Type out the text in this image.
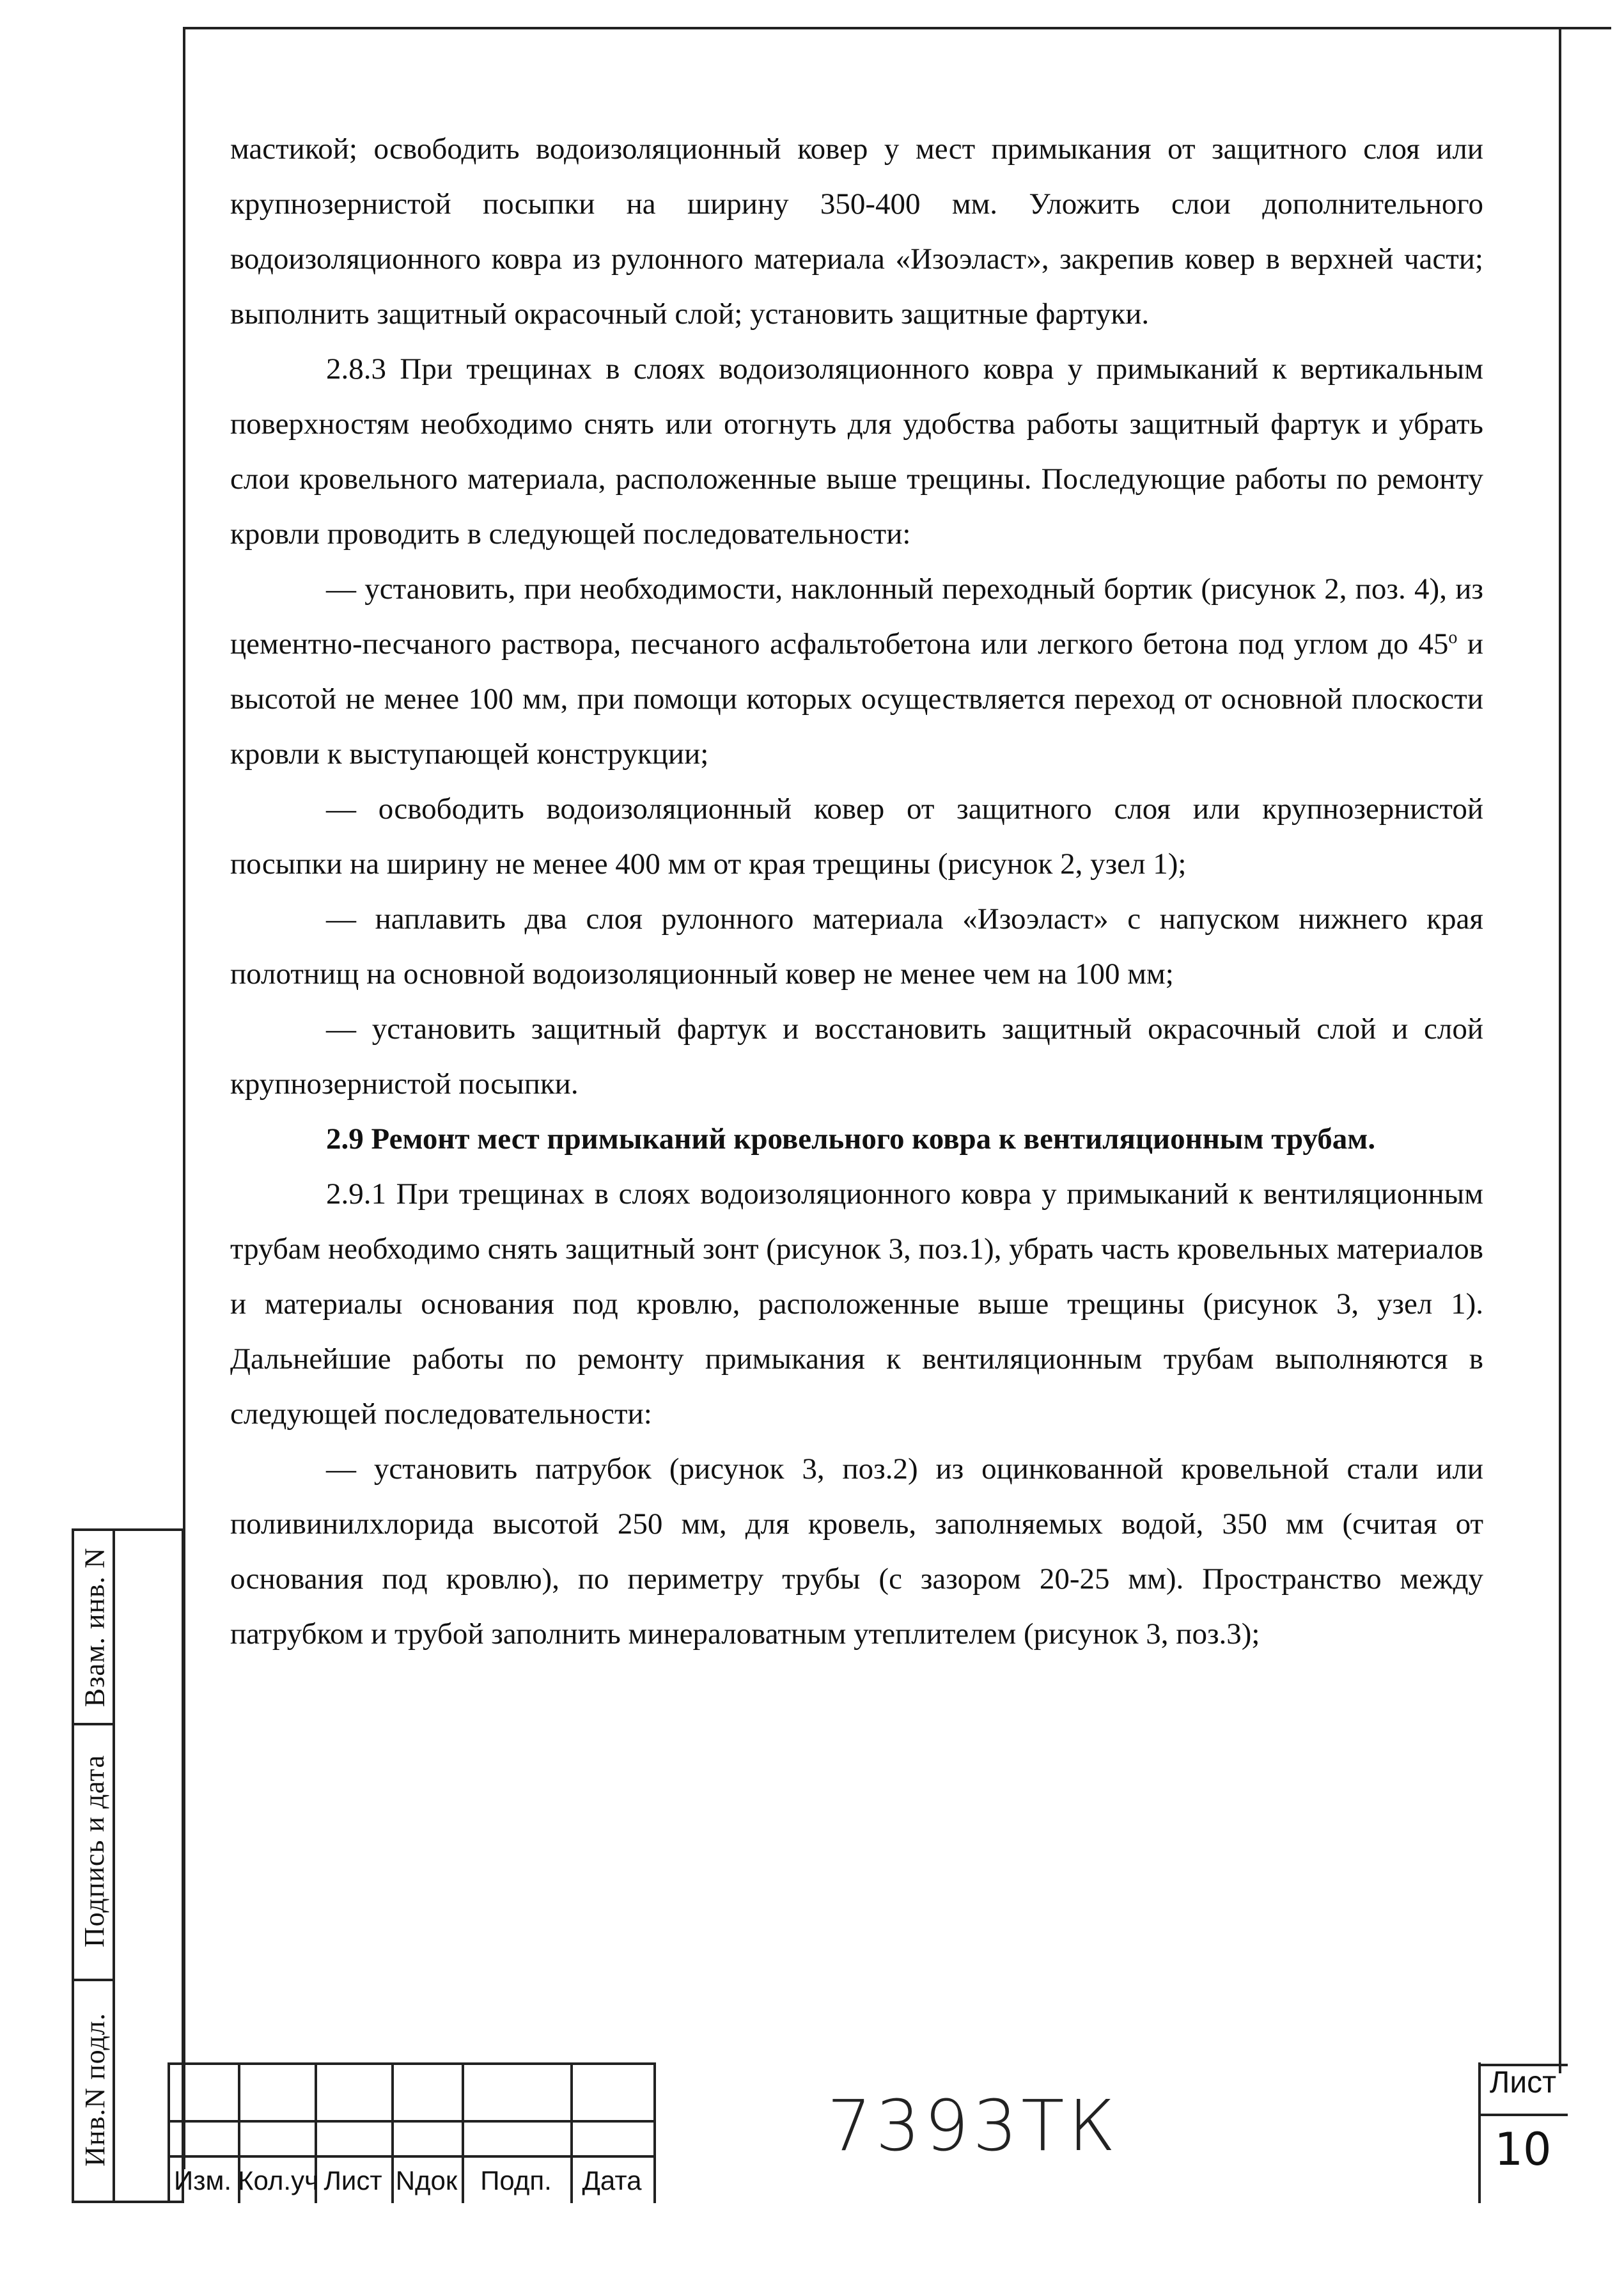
мастикой; освободить водоизоляционный ковер у мест примыкания от защитного слоя или крупнозернистой посыпки на ширину 350-400 мм. Уложить слои дополнительного водоизоляционного ковра из рулонного материала «Изоэласт», закрепив ковер в верхней части; выполнить защитный окрасочный слой; установить защитные фартуки.

2.8.3 При трещинах в слоях водоизоляционного ковра у примыканий к вертикальным поверхностям необходимо снять или отогнуть для удобства работы защитный фартук и убрать слои кровельного материала, расположенные выше трещины. Последующие работы по ремонту кровли проводить в следующей последовательности:

— установить, при необходимости, наклонный переходный бортик (рисунок 2, поз. 4), из цементно-песчаного раствора, песчаного асфальтобетона или легкого бетона под углом до 45$^o$ и высотой не менее 100 мм, при помощи которых осуществляется переход от основной плоскости кровли к выступающей конструкции;

— освободить водоизоляционный ковер от защитного слоя или крупнозернистой посыпки на ширину не менее 400 мм от края трещины (рисунок 2, узел 1);

— наплавить два слоя рулонного материала «Изоэласт» с напуском нижнего края полотнищ на основной водоизоляционный ковер не менее чем на 100 мм;

— установить защитный фартук и восстановить защитный окрасочный слой и слой крупнозернистой посыпки.

2.9 Ремонт мест примыканий кровельного ковра к вентиляционным трубам.

2.9.1 При трещинах в слоях водоизоляционного ковра у примыканий к вентиляционным трубам необходимо снять защитный зонт (рисунок 3, поз.1), убрать часть кровельных материалов и материалы основания под кровлю, расположенные выше трещины (рисунок 3, узел 1). Дальнейшие работы по ремонту примыкания к вентиляционным трубам выполняются в следующей последовательности:

— установить патрубок (рисунок 3, поз.2) из оцинкованной кровельной стали или поливинилхлорида высотой 250 мм, для кровель, заполняемых водой, 350 мм (считая от основания под кровлю), по периметру трубы (с зазором 20-25 мм). Пространство между патрубком и трубой заполнить минераловатным утеплителем (рисунок 3, поз.3);

Взам. инв. N
Подпись и дата
Инв.N подл.
Изм. Кол.уч Лист Nдок Подп.	Дата
7393ТК
Лист
10
